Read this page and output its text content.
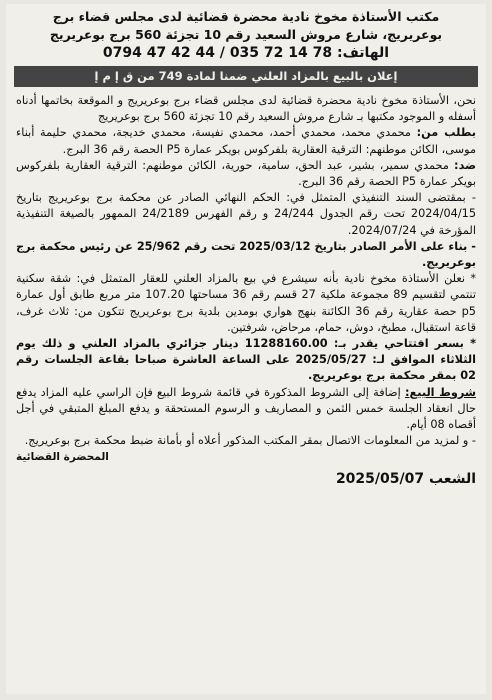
مكتب الأستاذة مخوخ نادية محضرة قضائية لدى مجلس قضاء برج
بوعريريج، شارع مروش السعيد رقم 10 تجزئة 560 برج بوعريريج
الهاتف: 78 14 72 035 / 44 42 47 0794
إعلان بالبيع بالمزاد العلني ضمنا لمادة 749 من ق إ م إ

نحن، الأستاذة مخوخ نادية محضرة قضائية لدى مجلس قضاء برج بوعريريج و الموقعة بخاتمها أدناه أسفله و الموجود مكتبها بـ شارع مروش السعيد رقم 10 تجزئة 560 برج بوعريريج

بطلب من: محمدي محمد، محمدي أحمد، محمدي نفيسة، محمدي خديجة، محمدي حليمة أبناء موسى، الكائن موطنهم: الترقية العقارية بلفركوس بويكر عمارة P5 الحصة رقم 36 البرج.

ضد: محمدي سمير، بشير، عبد الحق، سامية، حورية، الكائن موطنهم: الترقية العقارية بلفركوس بويكر عمارة P5 الحصة رقم 36 البرج.

- بمقتضى السند التنفيذي المتمثل في: الحكم النهائي الصادر عن محكمة برج بوعريريج بتاريخ 2024/04/15 تحت رقم الجدول 24/244 و رقم الفهرس 24/2189 الممهور بالصيغة التنفيذية المؤرخة في 2024/07/24.

- بناء على الأمر الصادر بتاريخ 2025/03/12 تحت رقم 25/962 عن رئيس محكمة برج بوعريريج.

* نعلن الأستاذة مخوخ نادية بأنه سيشرع في بيع بالمزاد العلني للعقار المتمثل في: شقة سكنية تنتمي لتقسيم 89 مجموعة ملكية 27 قسم رقم 36 مساحتها 107.20 متر مربع طابق أول عمارة p5 حصة عقارية رقم 36 الكائنة بنهج هواري بومدين بلدية برج بوعريريج تتكون من: ثلاث غرف، قاعة استقبال، مطبخ، دوش، حمام، مرحاض، شرفتين.

* بسعر افتتاحي يقدر بـ: 11288160.00 دينار جزائري بالمزاد العلني و ذلك يوم الثلاثاء الموافق لـ: 2025/05/27 على الساعة العاشرة صباحا بقاعة الجلسات رقم 02 بمقر محكمة برج بوعريريج.

شروط البيع: إضافة إلى الشروط المذكورة في قائمة شروط البيع فإن الراسي عليه المزاد يدفع حال انعقاد الجلسة خمس الثمن و المصاريف و الرسوم المستحقة و يدفع المبلغ المتبقي في أجل أقصاه 08 أيام.

- و لمزيد من المعلومات الاتصال بمقر المكتب المذكور أعلاه أو بأمانة ضبط محكمة برج بوعريريج.

المحضرة القضائية
الشعب 2025/05/07
